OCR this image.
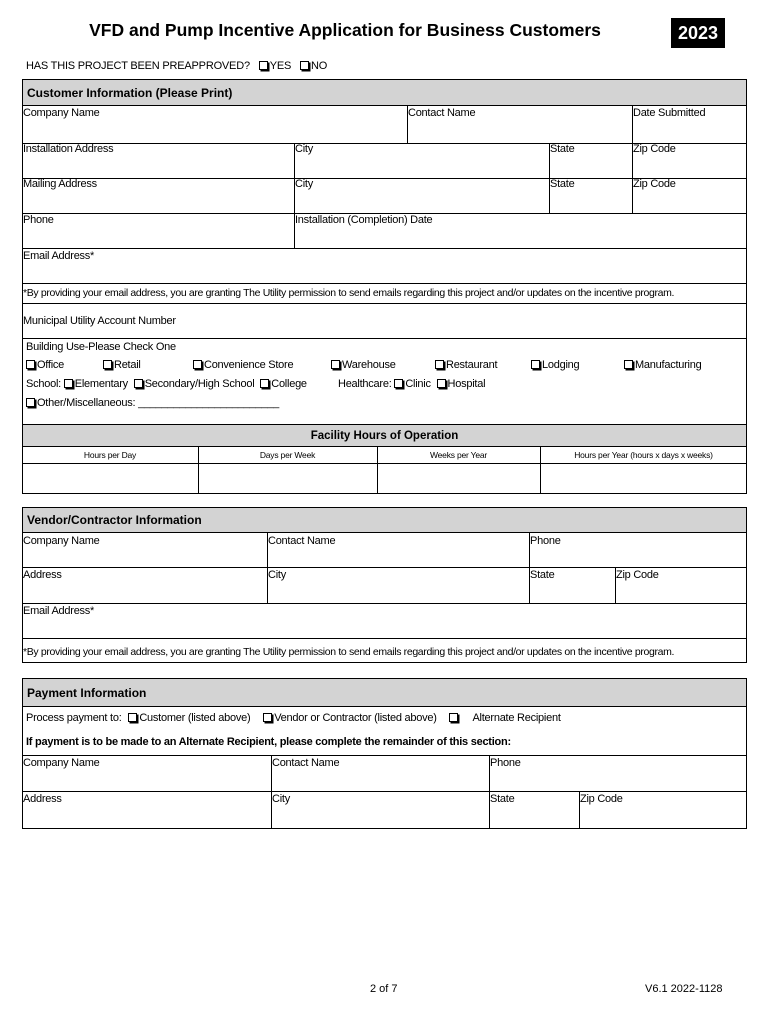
VFD and Pump Incentive Application for Business Customers	2023
HAS THIS PROJECT BEEN PREAPPROVED? YES NO
Customer Information (Please Print)
Company Name	Contact Name	Date Submitted
Installation Address	City	State	Zip Code
Mailing Address	City	State	Zip Code
Phone	Installation (Completion) Date
Email Address*
*By providing your email address, you are granting The Utility permission to send emails regarding this project and/or updates on the incentive program.
Municipal Utility Account Number
Building Use-Please Check One
Office	Retail	Convenience Store	Warehouse	Restaurant	Lodging	Manufacturing
School: Elementary Secondary/High School College	Healthcare: Clinic Hospital
Other/Miscellaneous: ________________________
Facility Hours of Operation
Hours per Day	Days per Week	Weeks per Year	Hours per Year (hours x days x weeks)
Vendor/Contractor Information
Company Name	Contact Name	Phone
Address	City	State	Zip Code
Email Address*
*By providing your email address, you are granting The Utility permission to send emails regarding this project and/or updates on the incentive program.
Payment Information
Process payment to: Customer (listed above) Vendor or Contractor (listed above)	Alternate Recipient
If payment is to be made to an Alternate Recipient, please complete the remainder of this section:
Company Name	Contact Name	Phone
Address	City	State	Zip Code
2 of 7	V6.1 2022-1128
